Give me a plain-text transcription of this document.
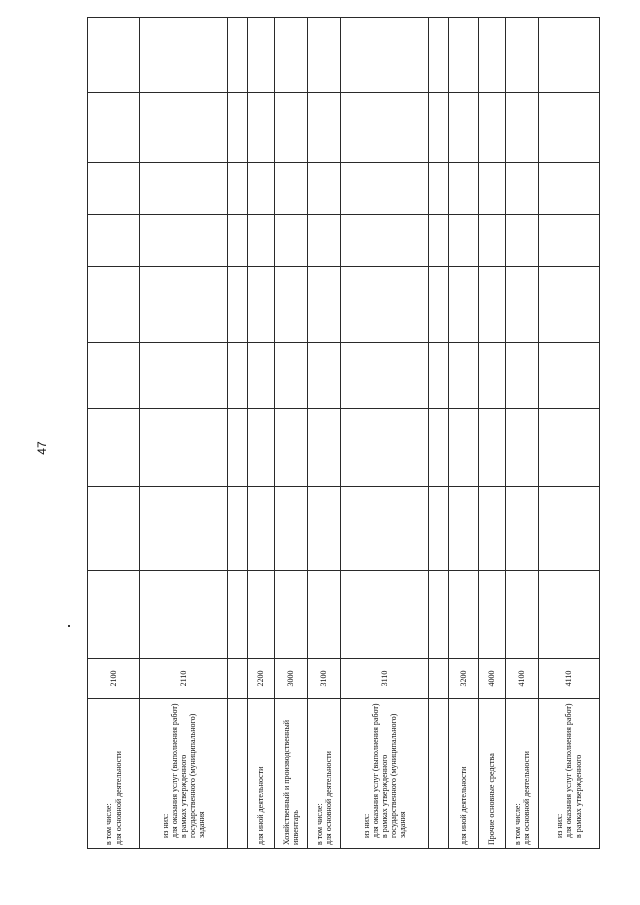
47
в том числе:
для основной деятельности	2100									
из них:
для оказания услуг (выполнения работ) в рамках утвержденного государственного (муниципального) задания	2110									

для иной деятельности	2200									
Хозяйственный и производственный инвентарь	3000									
в том числе:
для основной деятельности	3100									
из них:
для оказания услуг (выполнения работ) в рамках утвержденного государственного (муниципального) задания	3110									

для иной деятельности	3200									
Прочие основные средства	4000									
в том числе:
для основной деятельности	4100									
из них:
для оказания услуг (выполнения работ) в рамках утвержденного	4110									
